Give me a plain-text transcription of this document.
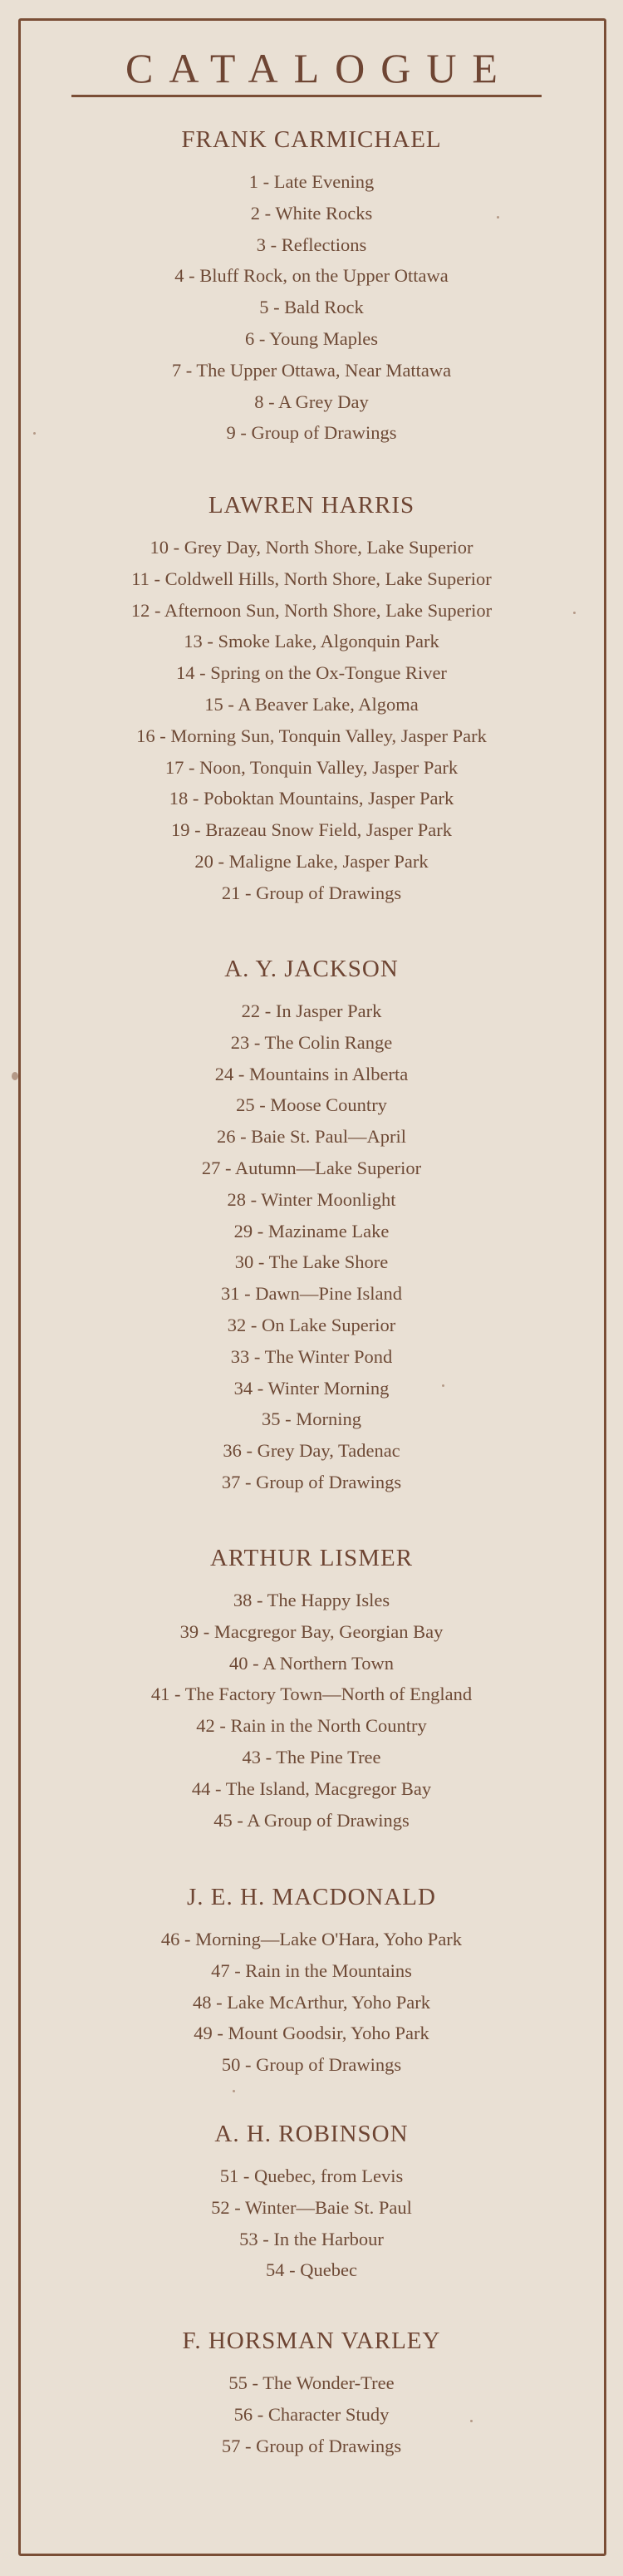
CATALOGUE
FRANK CARMICHAEL
1 - Late Evening
2 - White Rocks
3 - Reflections
4 - Bluff Rock, on the Upper Ottawa
5 - Bald Rock
6 - Young Maples
7 - The Upper Ottawa, Near Mattawa
8 - A Grey Day
9 - Group of Drawings
LAWREN HARRIS
10 - Grey Day, North Shore, Lake Superior
11 - Coldwell Hills, North Shore, Lake Superior
12 - Afternoon Sun, North Shore, Lake Superior
13 - Smoke Lake, Algonquin Park
14 - Spring on the Ox-Tongue River
15 - A Beaver Lake, Algoma
16 - Morning Sun, Tonquin Valley, Jasper Park
17 - Noon, Tonquin Valley, Jasper Park
18 - Poboktan Mountains, Jasper Park
19 - Brazeau Snow Field, Jasper Park
20 - Maligne Lake, Jasper Park
21 - Group of Drawings
A. Y. JACKSON
22 - In Jasper Park
23 - The Colin Range
24 - Mountains in Alberta
25 - Moose Country
26 - Baie St. Paul—April
27 - Autumn—Lake Superior
28 - Winter Moonlight
29 - Maziname Lake
30 - The Lake Shore
31 - Dawn—Pine Island
32 - On Lake Superior
33 - The Winter Pond
34 - Winter Morning
35 - Morning
36 - Grey Day, Tadenac
37 - Group of Drawings
ARTHUR LISMER
38 - The Happy Isles
39 - Macgregor Bay, Georgian Bay
40 - A Northern Town
41 - The Factory Town—North of England
42 - Rain in the North Country
43 - The Pine Tree
44 - The Island, Macgregor Bay
45 - A Group of Drawings
J. E. H. MACDONALD
46 - Morning—Lake O'Hara, Yoho Park
47 - Rain in the Mountains
48 - Lake McArthur, Yoho Park
49 - Mount Goodsir, Yoho Park
50 - Group of Drawings
A. H. ROBINSON
51 - Quebec, from Levis
52 - Winter—Baie St. Paul
53 - In the Harbour
54 - Quebec
F. HORSMAN VARLEY
55 - The Wonder-Tree
56 - Character Study
57 - Group of Drawings
